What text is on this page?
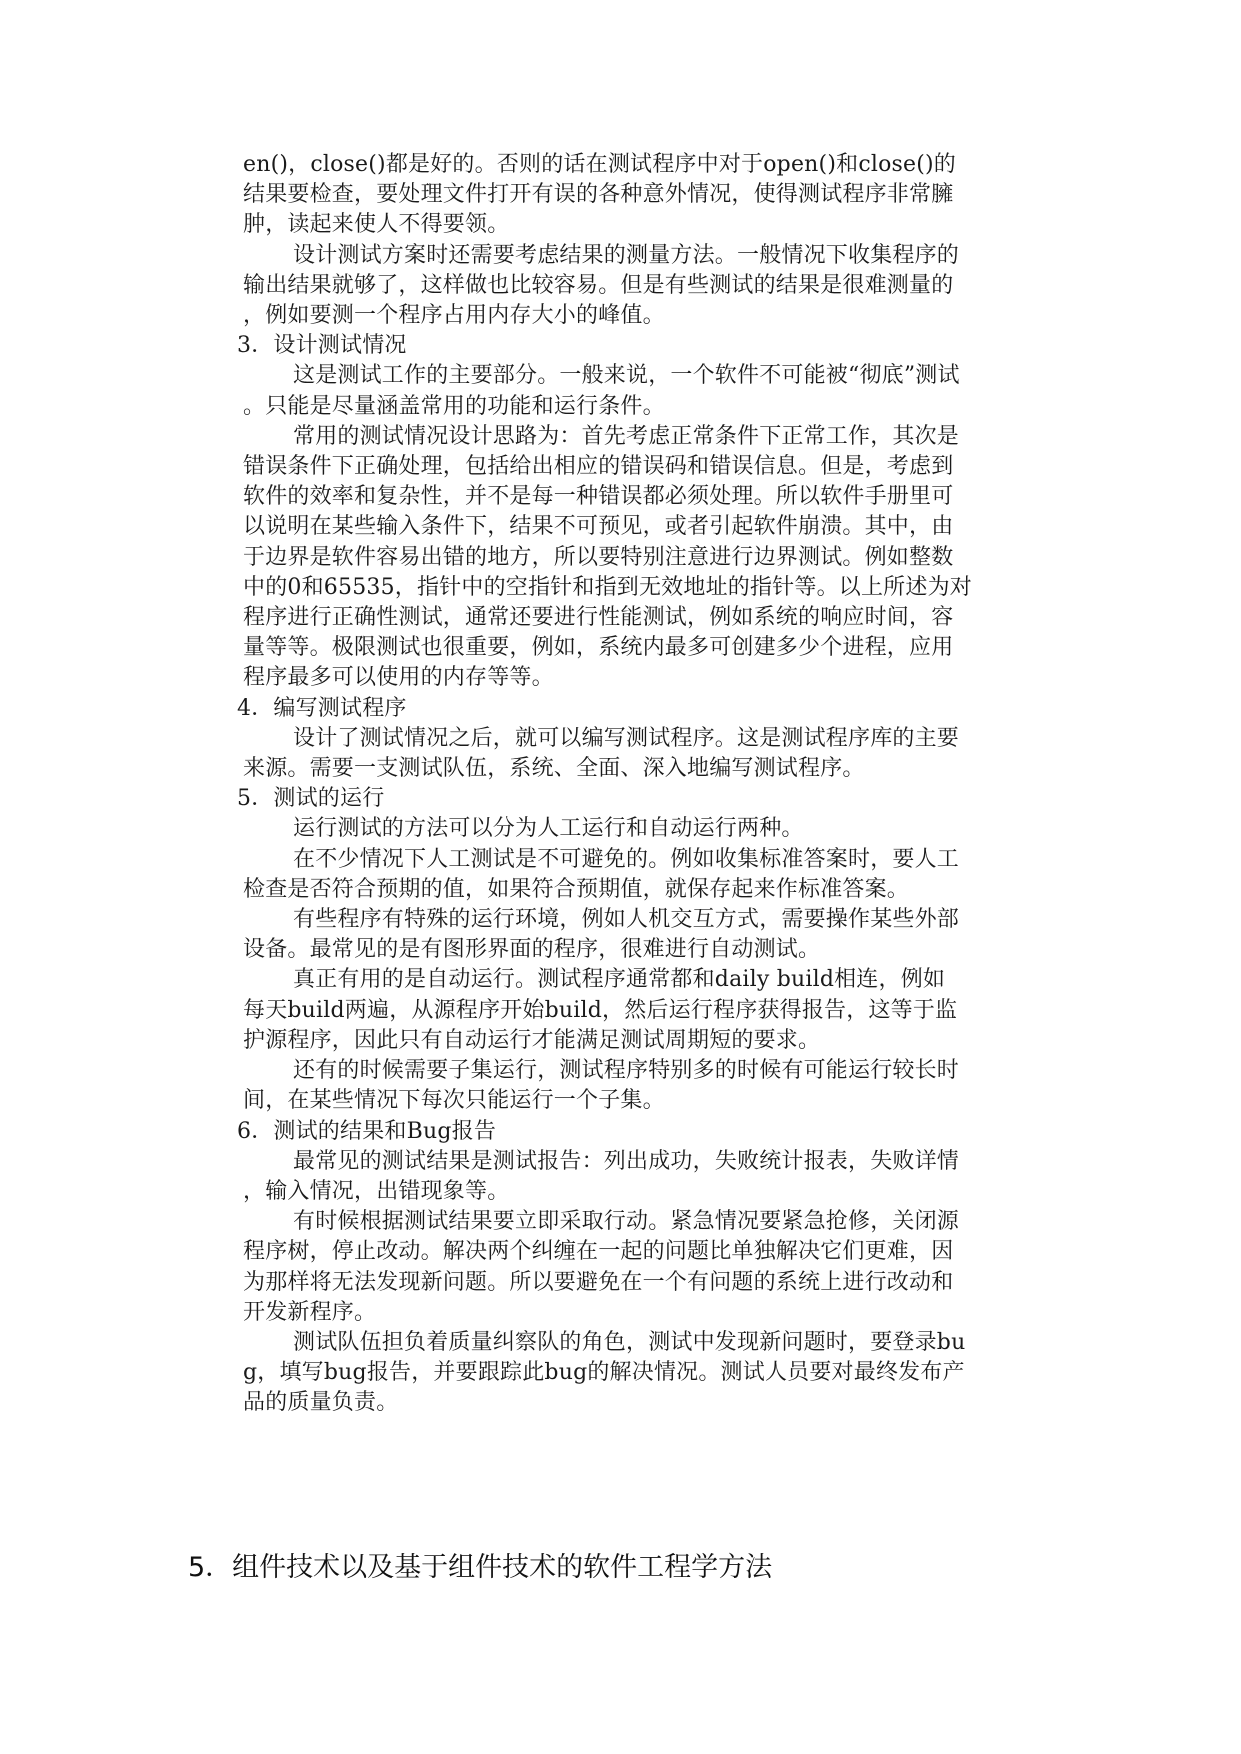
en()，close()都是好的。否则的话在测试程序中对于open()和close()的
结果要检查，要处理文件打开有误的各种意外情况，使得测试程序非常臃
肿，读起来使人不得要领。
设计测试方案时还需要考虑结果的测量方法。一般情况下收集程序的
输出结果就够了，这样做也比较容易。但是有些测试的结果是很难测量的
，例如要测一个程序占用内存大小的峰值。
3．设计测试情况
这是测试工作的主要部分。一般来说，一个软件不可能被“彻底”测试
。只能是尽量涵盖常用的功能和运行条件。
常用的测试情况设计思路为：首先考虑正常条件下正常工作，其次是
错误条件下正确处理，包括给出相应的错误码和错误信息。但是，考虑到
软件的效率和复杂性，并不是每一种错误都必须处理。所以软件手册里可
以说明在某些输入条件下，结果不可预见，或者引起软件崩溃。其中，由
于边界是软件容易出错的地方，所以要特别注意进行边界测试。例如整数
中的0和65535，指针中的空指针和指到无效地址的指针等。以上所述为对
程序进行正确性测试，通常还要进行性能测试，例如系统的响应时间，容
量等等。极限测试也很重要，例如，系统内最多可创建多少个进程，应用
程序最多可以使用的内存等等。
4．编写测试程序
设计了测试情况之后，就可以编写测试程序。这是测试程序库的主要
来源。需要一支测试队伍，系统、全面、深入地编写测试程序。
5．测试的运行
运行测试的方法可以分为人工运行和自动运行两种。
在不少情况下人工测试是不可避免的。例如收集标准答案时，要人工
检查是否符合预期的值，如果符合预期值，就保存起来作标准答案。
有些程序有特殊的运行环境，例如人机交互方式，需要操作某些外部
设备。最常见的是有图形界面的程序，很难进行自动测试。
真正有用的是自动运行。测试程序通常都和daily build相连，例如
每天build两遍，从源程序开始build，然后运行程序获得报告，这等于监
护源程序，因此只有自动运行才能满足测试周期短的要求。
还有的时候需要子集运行，测试程序特别多的时候有可能运行较长时
间，在某些情况下每次只能运行一个子集。
6．测试的结果和Bug报告
最常见的测试结果是测试报告：列出成功，失败统计报表，失败详情
，输入情况，出错现象等。
有时候根据测试结果要立即采取行动。紧急情况要紧急抢修，关闭源
程序树，停止改动。解决两个纠缠在一起的问题比单独解决它们更难，因
为那样将无法发现新问题。所以要避免在一个有问题的系统上进行改动和
开发新程序。
测试队伍担负着质量纠察队的角色，测试中发现新问题时，要登录bu
g，填写bug报告，并要跟踪此bug的解决情况。测试人员要对最终发布产
品的质量负责。
5．组件技术以及基于组件技术的软件工程学方法
